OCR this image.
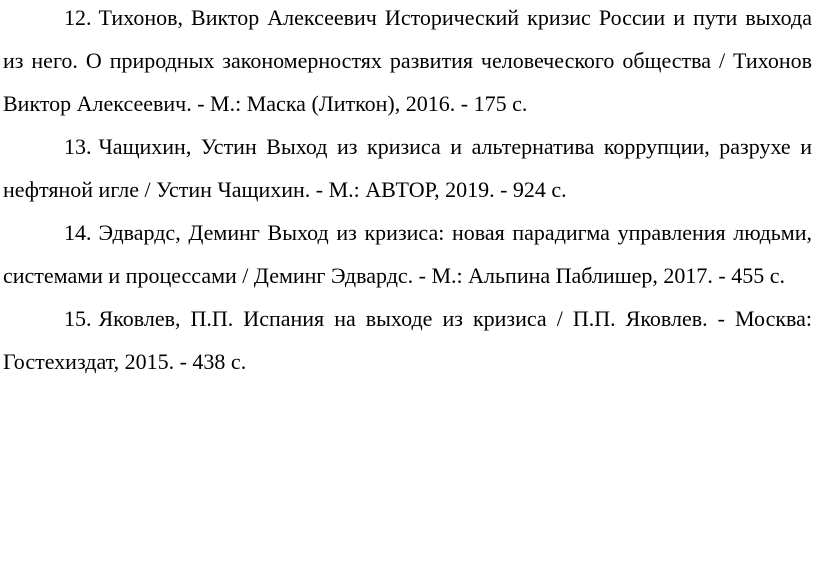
12. Тихонов, Виктор Алексеевич Исторический кризис России и пути выхода из него. О природных закономерностях развития человеческого общества / Тихонов Виктор Алексеевич. - М.: Маска (Литкон), 2016. - 175 с.

13. Чащихин, Устин Выход из кризиса и альтернатива коррупции, разрухе и нефтяной игле / Устин Чащихин. - М.: АВТОР, 2019. - 924 с.

14. Эдвардс, Деминг Выход из кризиса: новая парадигма управления людьми, системами и процессами / Деминг Эдвардс. - М.: Альпина Паблишер, 2017. - 455 с.

15. Яковлев, П.П. Испания на выходе из кризиса / П.П. Яковлев. - Москва: Гостехиздат, 2015. - 438 с.
